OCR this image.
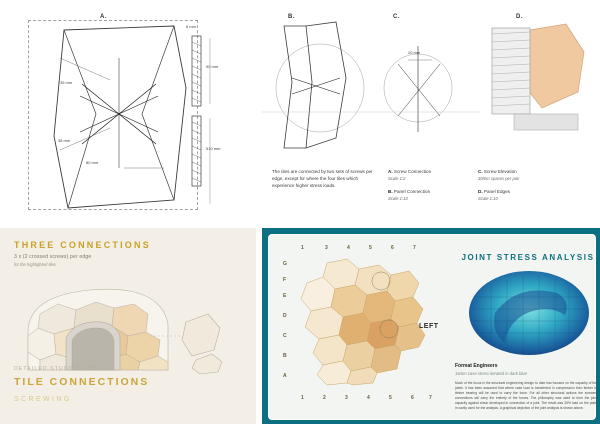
A.
90 mm
510 mm
6 mm
35 mm
38 mm
80 mm
B.	C.
20 mm
D.
The tiles are connected by two sets of screws per edge, except for where the four tiles which experience higher stress loads.
A. Screw Connection
Scale 1:2
B. Panel Connection
Scale 1:10
C. Screw Elevation
30mm spaces per pair
D. Panel Edges
Scale 1:10
THREE CONNECTIONS
3 x (2 crossed screws) per edge
for the highlighted tiles
DETAILED STUDY OF THE
TILE CONNECTIONS
SCREWING
1	3	4	5	6	7
G
F
E
D
C
B
A
1	2	3	4	5	6	7
LEFT
JOINT STRESS ANALYSIS
Format Engineers
16mm case stress iterated in dark blue
Much of the focus in the structural engineering design to date has focused on the capacity of the joints. It has been assumed that where case load is transferred in compression then timber to timber bearing will be used to carry the force. For all other structural actions the screwed connections will carry the entirety of the forces. The philosophy was used to form the joint capacity against shear developed in connection of a joint. The result was 25% load on the plate in cavity used for the analysis. A graphical depiction of the joint analysis is shown above.
